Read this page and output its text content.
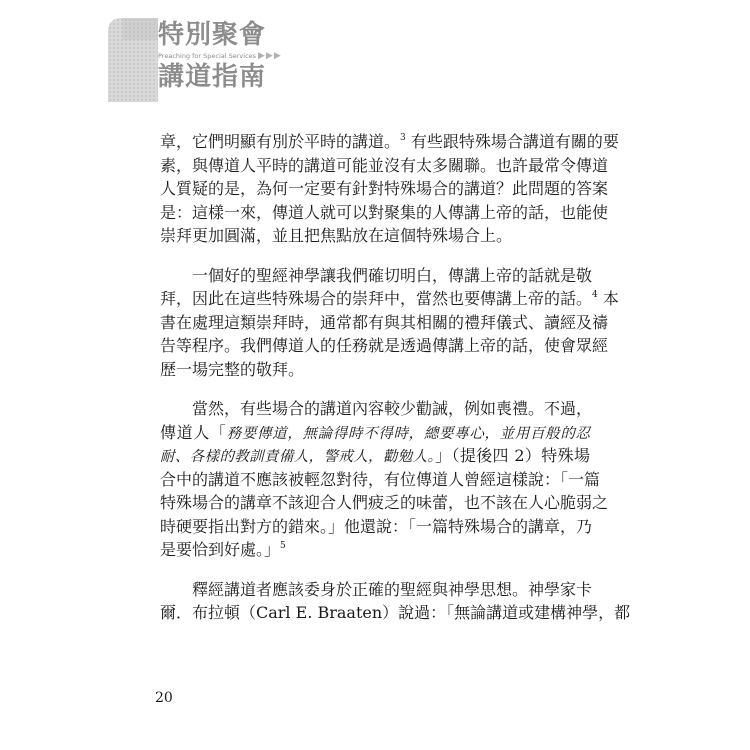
特別聚會
Preaching for Special Services ▶▶▶
講道指南
章，它們明顯有別於平時的講道。$^3$ 有些跟特殊場合講道有關的要
素，與傳道人平時的講道可能並沒有太多關聯。也許最常令傳道
人質疑的是，為何一定要有針對特殊場合的講道？此問題的答案
是：這樣一來，傳道人就可以對聚集的人傳講上帝的話，也能使
崇拜更加圓滿，並且把焦點放在這個特殊場合上。
　　一個好的聖經神學讓我們確切明白，傳講上帝的話就是敬
拜，因此在這些特殊場合的崇拜中，當然也要傳講上帝的話。$^4$ 本
書在處理這類崇拜時，通常都有與其相關的禮拜儀式、讀經及禱
告等程序。我們傳道人的任務就是透過傳講上帝的話，使會眾經
歷一場完整的敬拜。
　　當然，有些場合的講道內容較少勸誡，例如喪禮。不過，
傳道人「務要傳道，無論得時不得時，總要專心，並用百般的忍
耐、各樣的教訓責備人，警戒人，勸勉人。」（提後四 2）特殊場
合中的講道不應該被輕忽對待，有位傳道人曾經這樣說：「一篇
特殊場合的講章不該迎合人們疲乏的味蕾，也不該在人心脆弱之
時硬要指出對方的錯來。」他還說：「一篇特殊場合的講章，乃
是要恰到好處。」$^5$
　　釋經講道者應該委身於正確的聖經與神學思想。神學家卡
爾．布拉頓（Carl E. Braaten）說過：「無論講道或建構神學，都
20
